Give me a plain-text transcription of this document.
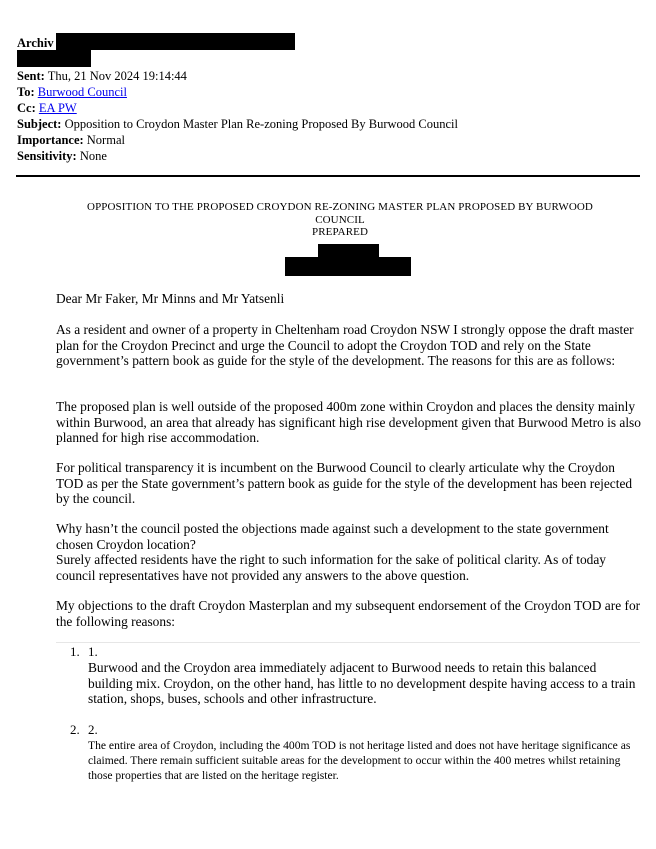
Archiv
Sent: Thu, 21 Nov 2024 19:14:44
To: Burwood Council
Cc: EA PW
Subject: Opposition to Croydon Master Plan Re-zoning Proposed By Burwood Council
Importance: Normal
Sensitivity: None
OPPOSITION TO THE PROPOSED CROYDON RE-ZONING MASTER PLAN PROPOSED BY BURWOOD
COUNCIL
PREPARED
Dear Mr Faker, Mr Minns and Mr Yatsenli
As a resident and owner of a property in Cheltenham road Croydon NSW I strongly oppose the draft master plan for the Croydon Precinct and urge the Council to adopt the Croydon TOD and rely on the State government’s pattern book as guide for the style of the development. The reasons for this are as follows:
The proposed plan is well outside of the proposed 400m zone within Croydon and places the density mainly within Burwood, an area that already has significant high rise development given that Burwood Metro is also planned for high rise accommodation.
For political transparency it is incumbent on the Burwood Council to clearly articulate why the Croydon TOD as per the State government’s pattern book as guide for the style of the development has been rejected by the council.
Why hasn’t the council posted the objections made against such a development to the state government chosen Croydon location?
Surely affected residents have the right to such information for the sake of political clarity. As of today council representatives have not provided any answers to the above question.
My objections to the draft Croydon Masterplan and my subsequent endorsement of the Croydon TOD are for the following reasons:
1. 1.
Burwood and the Croydon area immediately adjacent to Burwood needs to retain this balanced building mix. Croydon, on the other hand, has little to no development despite having access to a train station, shops, buses, schools and other infrastructure.
2. 2.
The entire area of Croydon, including the 400m TOD is not heritage listed and does not have heritage significance as claimed. There remain sufficient suitable areas for the development to occur within the 400 metres whilst retaining those properties that are listed on the heritage register.
